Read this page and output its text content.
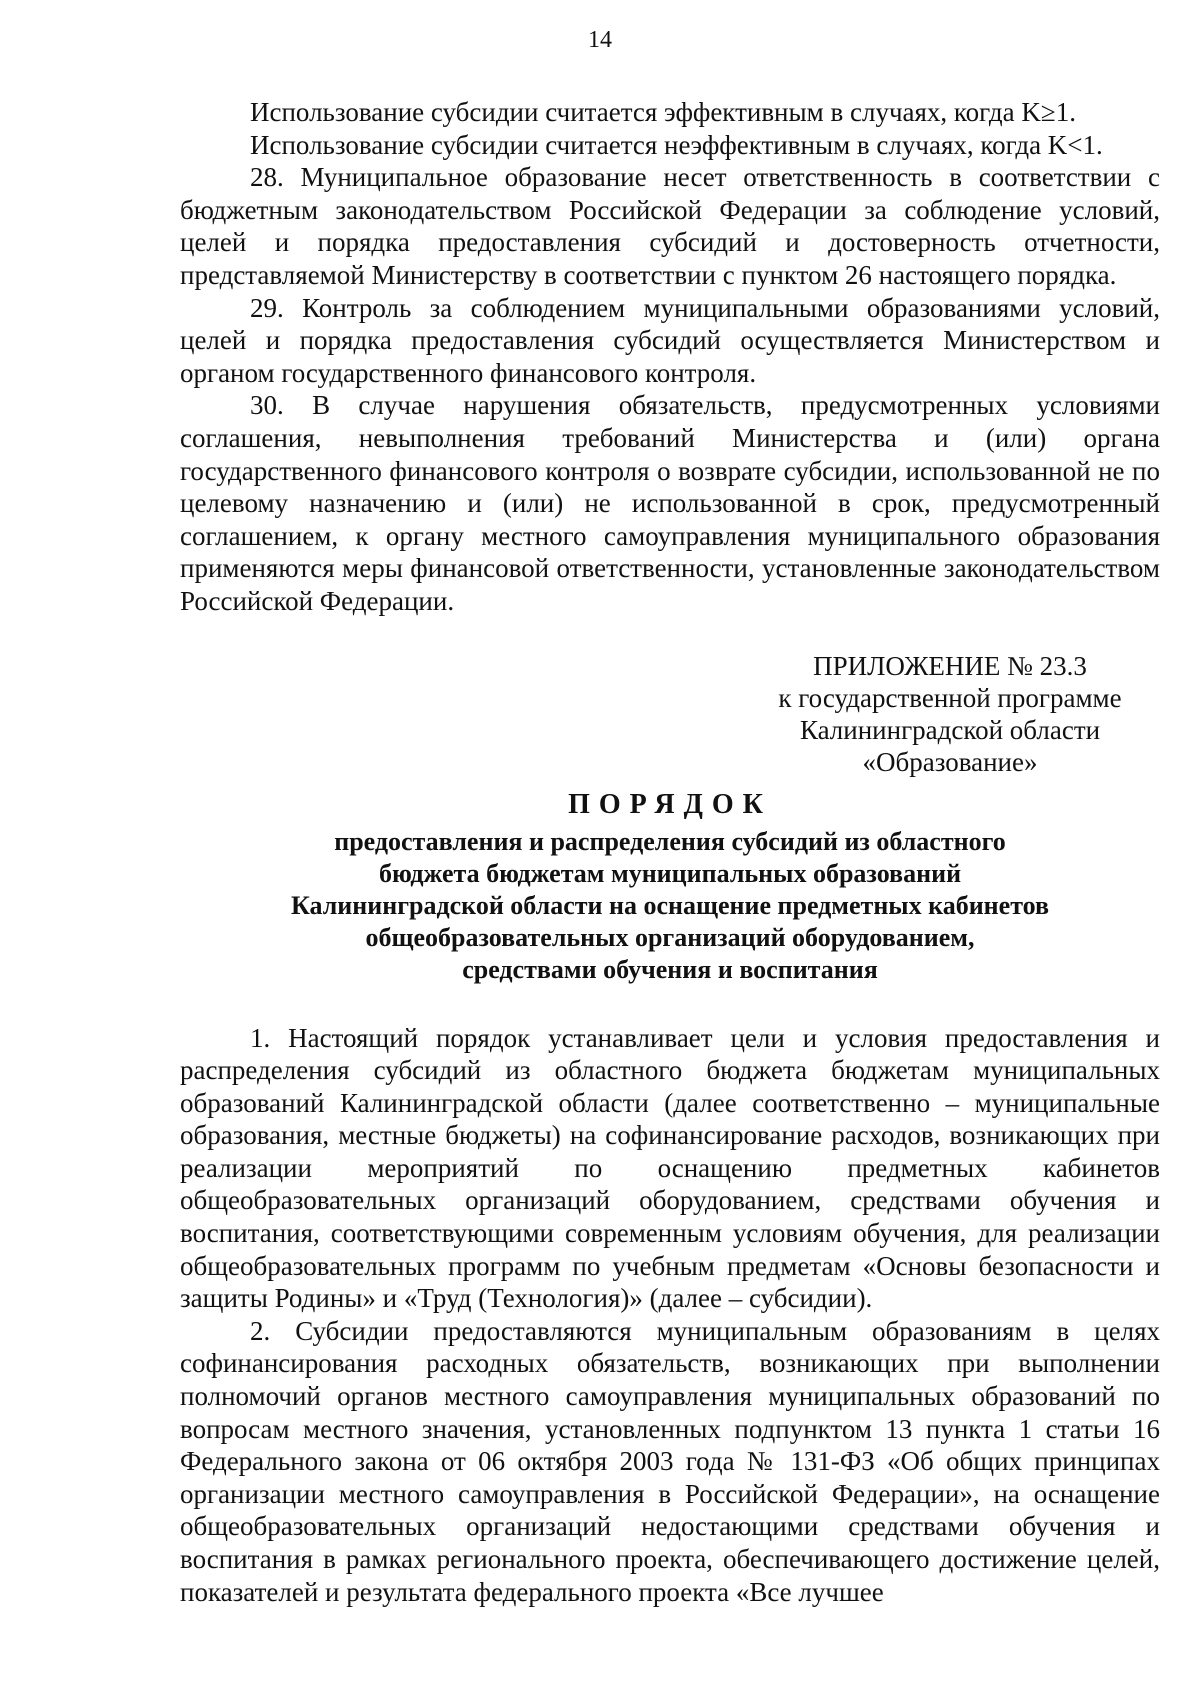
14

Использование субсидии считается эффективным в случаях, когда K≥1.

Использование субсидии считается неэффективным в случаях, когда K<1.

28. Муниципальное образование несет ответственность в соответствии с бюджетным законодательством Российской Федерации за соблюдение условий, целей и порядка предоставления субсидий и достоверность отчетности, представляемой Министерству в соответствии с пунктом 26 настоящего порядка.

29. Контроль за соблюдением муниципальными образованиями условий, целей и порядка предоставления субсидий осуществляется Министерством и органом государственного финансового контроля.

30. В случае нарушения обязательств, предусмотренных условиями соглашения, невыполнения требований Министерства и (или) органа государственного финансового контроля о возврате субсидии, использованной не по целевому назначению и (или) не использованной в срок, предусмотренный соглашением, к органу местного самоуправления муниципального образования применяются меры финансовой ответственности, установленные законодательством Российской Федерации.

ПРИЛОЖЕНИЕ № 23.3
к государственной программе
Калининградской области
«Образование»
ПОРЯДОК
предоставления и распределения субсидий из областного
бюджета бюджетам муниципальных образований
Калининградской области на оснащение предметных кабинетов
общеобразовательных организаций оборудованием,
средствами обучения и воспитания

1. Настоящий порядок устанавливает цели и условия предоставления и распределения субсидий из областного бюджета бюджетам муниципальных образований Калининградской области (далее соответственно – муниципальные образования, местные бюджеты) на софинансирование расходов, возникающих при реализации мероприятий по оснащению предметных кабинетов общеобразовательных организаций оборудованием, средствами обучения и воспитания, соответствующими современным условиям обучения, для реализации общеобразовательных программ по учебным предметам «Основы безопасности и защиты Родины» и «Труд (Технология)» (далее – субсидии).

2. Субсидии предоставляются муниципальным образованиям в целях софинансирования расходных обязательств, возникающих при выполнении полномочий органов местного самоуправления муниципальных образований по вопросам местного значения, установленных подпунктом 13 пункта 1 статьи 16 Федерального закона от 06 октября 2003 года № 131-ФЗ «Об общих принципах организации местного самоуправления в Российской Федерации», на оснащение общеобразовательных организаций недостающими средствами обучения и воспитания в рамках регионального проекта, обеспечивающего достижение целей, показателей и результата федерального проекта «Все лучшее
